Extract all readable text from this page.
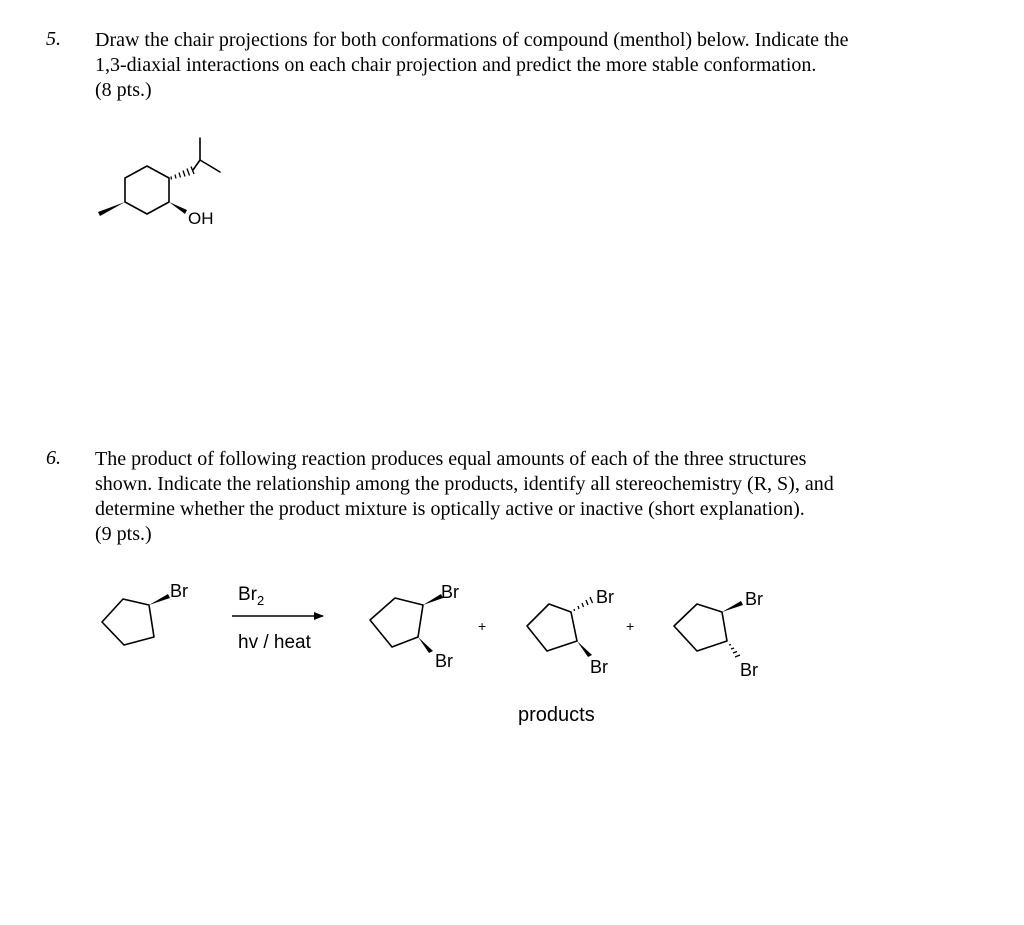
5. Draw the chair projections for both conformations of compound (menthol) below. Indicate the
1,3-diaxial interactions on each chair projection and predict the more stable conformation.
(8 pts.)
6. The product of following reaction produces equal amounts of each of the three structures
shown. Indicate the relationship among the products, identify all stereochemistry (R, S), and
determine whether the product mixture is optically active or inactive (short explanation).
(9 pts.)
OH
Br	$Br_2$
hv / heat
Br
Br
+
Br
Br
+
Br
Br
products
